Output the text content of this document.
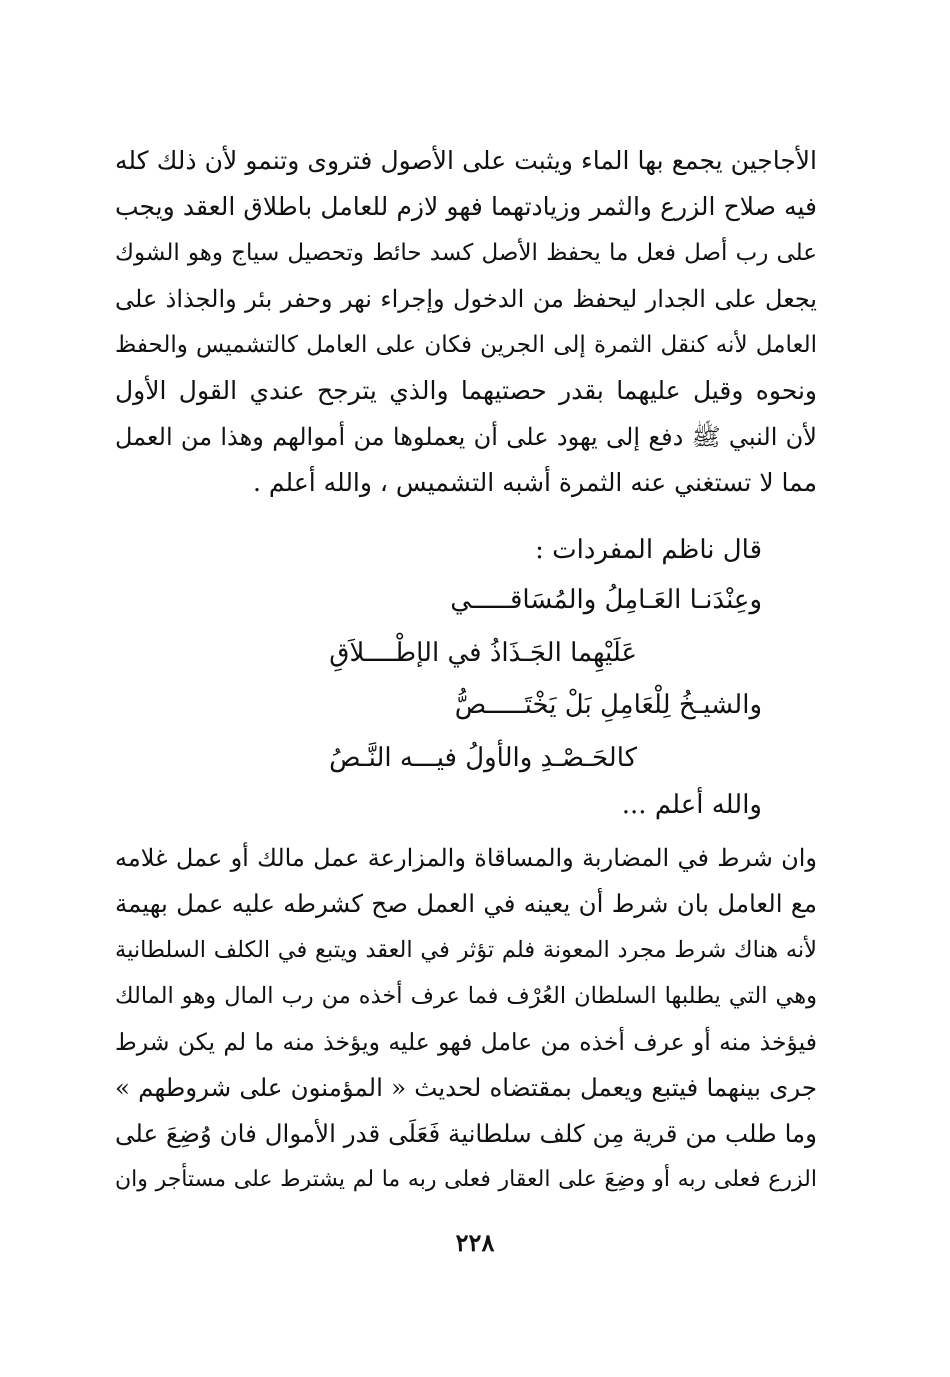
الأجاجين يجمع بها الماء ويثبت على الأصول فتروى وتنمو لأن ذلك كله
فيه صلاح الزرع والثمر وزيادتهما فهو لازم للعامل باطلاق العقد ويجب
على رب أصل فعل ما يحفظ الأصل كسد حائط وتحصيل سياج وهو الشوك
يجعل على الجدار ليحفظ من الدخول وإجراء نهر وحفر بئر والجذاذ على
العامل لأنه كنقل الثمرة إلى الجرين فكان على العامل كالتشميس والحفظ
ونحوه وقيل عليهما بقدر حصتيهما والذي يترجح عندي القول الأول
لأن النبي ﷺ دفع إلى يهود على أن يعملوها من أموالهم وهذا من العمل
مما لا تستغني عنه الثمرة أشبه التشميس ، والله أعلم .
قال ناظم المفردات :
وعِنْدَنـا العَـامِلُ والمُسَاقـــــي
عَلَيْهِما الجَـذَاذُ في الإطْــــلاَقِ
والشيـخُ لِلْعَامِلِ بَلْ يَخْتَـــــصُّ
كالحَـصْـدِ والأولُ فيـــه النَّـصُ
والله أعلم ...
وان شرط في المضاربة والمساقاة والمزارعة عمل مالك أو عمل غلامه
مع العامل بان شرط أن يعينه في العمل صح كشرطه عليه عمل بهيمة
لأنه هناك شرط مجرد المعونة فلم تؤثر في العقد ويتبع في الكلف السلطانية
وهي التي يطلبها السلطان العُرْف فما عرف أخذه من رب المال وهو المالك
فيؤخذ منه أو عرف أخذه من عامل فهو عليه ويؤخذ منه ما لم يكن شرط
جرى بينهما فيتبع ويعمل بمقتضاه لحديث « المؤمنون على شروطهم »
وما طلب من قرية مِن كلف سلطانية فَعَلَى قدر الأموال فان وُضِعَ على
الزرع فعلى ربه أو وضِعَ على العقار فعلى ربه ما لم يشترط على مستأجر وان
٢٢٨
